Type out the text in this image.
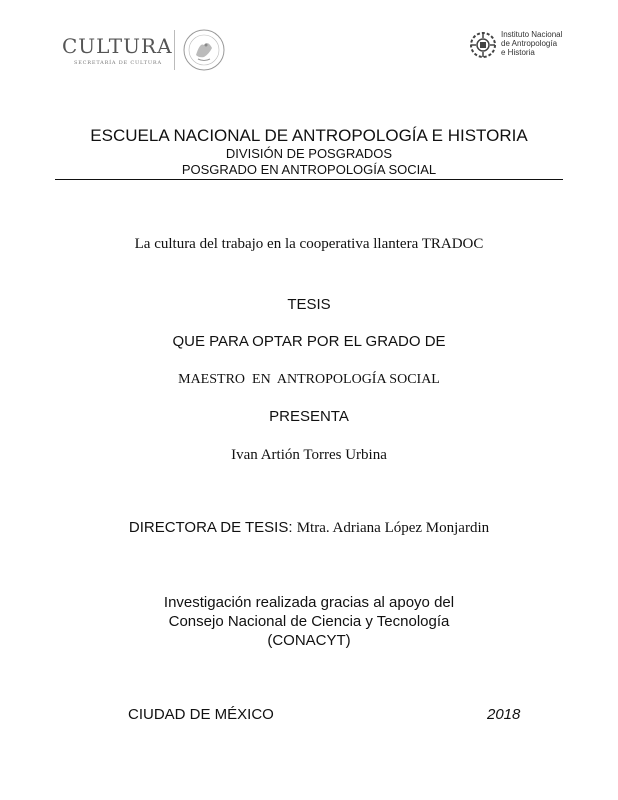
CULTURA
SECRETARÍA DE CULTURA
Instituto Nacional
de Antropología
e Historia
ESCUELA NACIONAL DE ANTROPOLOGÍA E HISTORIA
DIVISIÓN DE POSGRADOS
POSGRADO EN ANTROPOLOGÍA SOCIAL
La cultura del trabajo en la cooperativa llantera TRADOC
TESIS
QUE PARA OPTAR POR EL GRADO DE
MAESTRO  EN  ANTROPOLOGÍA SOCIAL
PRESENTA
Ivan Artión Torres Urbina
DIRECTORA DE TESIS: Mtra. Adriana López Monjardin
Investigación realizada gracias al apoyo del
Consejo Nacional de Ciencia y Tecnología
(CONACYT)
CIUDAD DE MÉXICO	2018
